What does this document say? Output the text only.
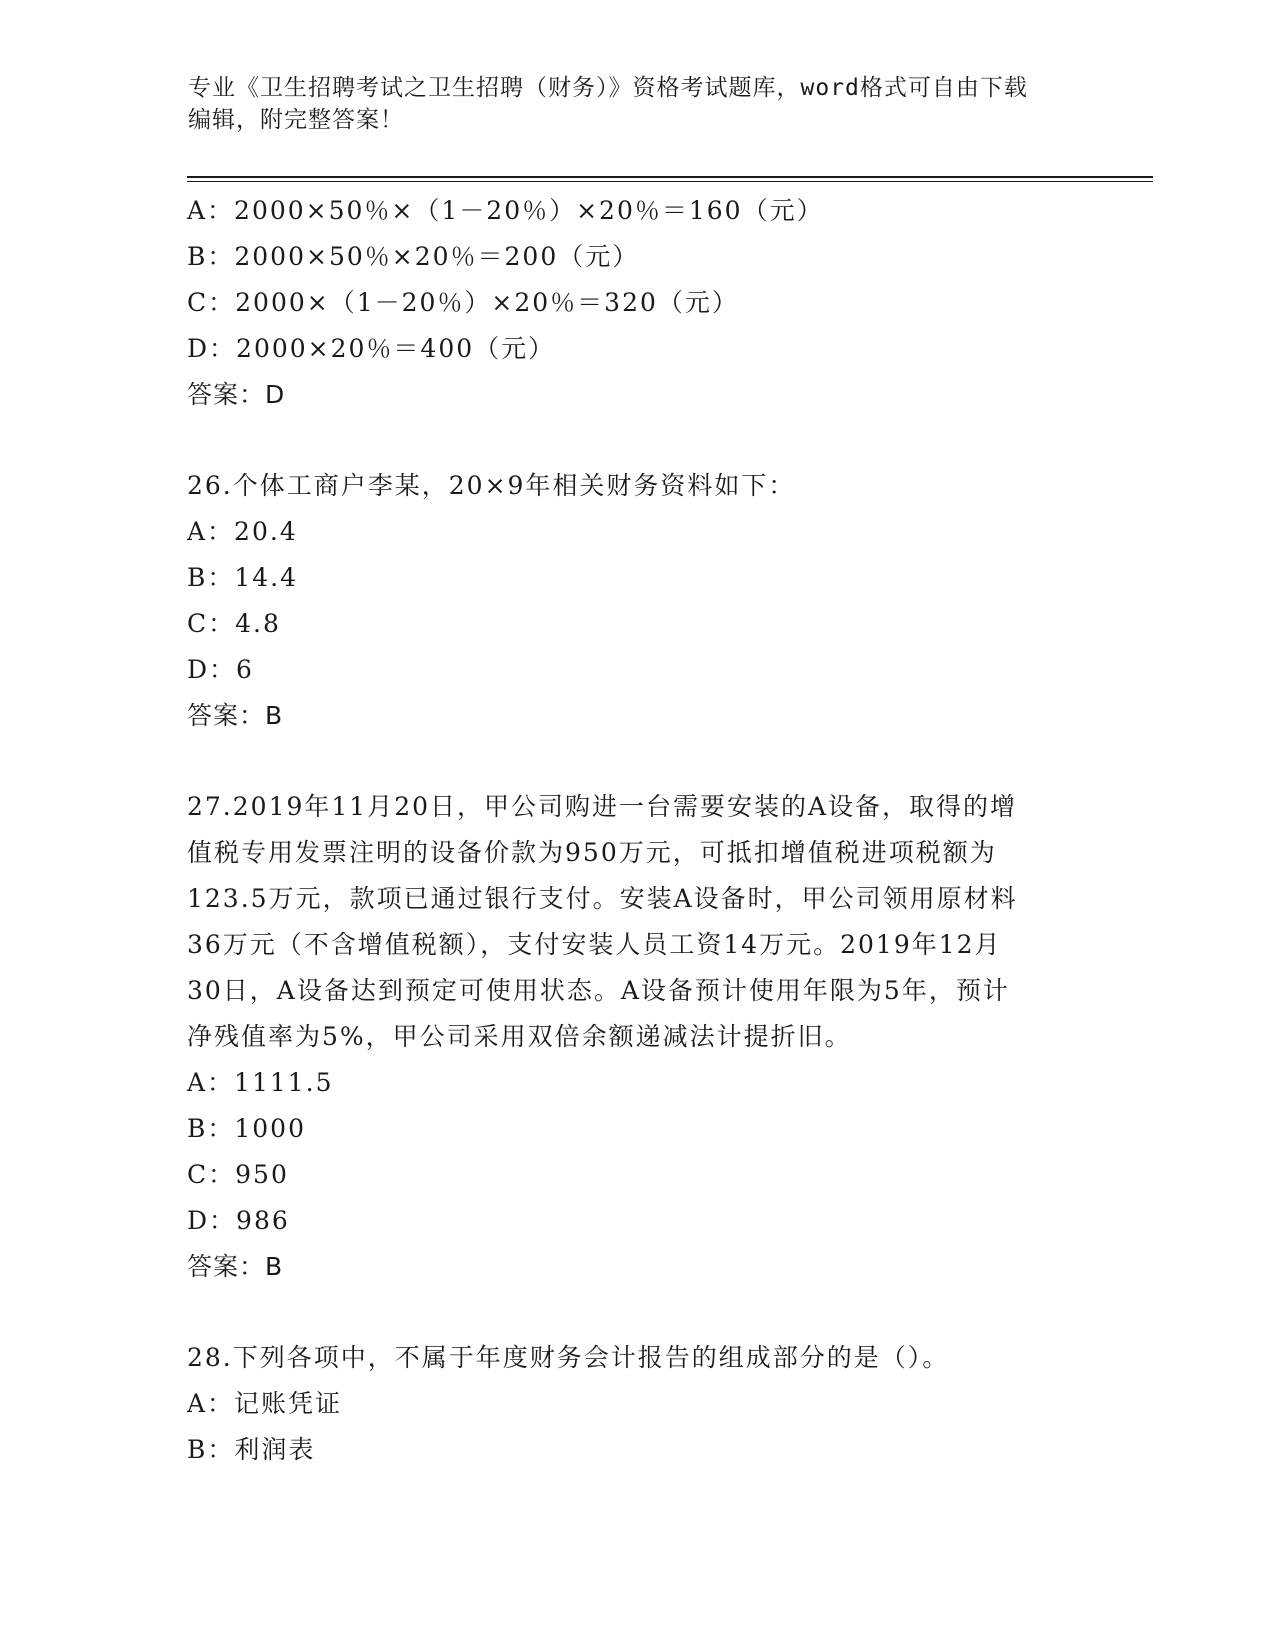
专业《卫生招聘考试之卫生招聘（财务）》资格考试题库，word格式可自由下载
编辑，附完整答案！
A：2000×50％×（1－20％）×20％＝160（元）
B：2000×50％×20％＝200（元）
C：2000×（1－20％）×20％＝320（元）
D：2000×20％＝400（元）
答案：D
26.个体工商户李某，20×9年相关财务资料如下：
A：20.4
B：14.4
C：4.8
D：6
答案：B
27.2019年11月20日，甲公司购进一台需要安装的A设备，取得的增
值税专用发票注明的设备价款为950万元，可抵扣增值税进项税额为
123.5万元，款项已通过银行支付。安装A设备时，甲公司领用原材料
36万元（不含增值税额），支付安装人员工资14万元。2019年12月
30日，A设备达到预定可使用状态。A设备预计使用年限为5年，预计
净残值率为5%，甲公司采用双倍余额递减法计提折旧。
A：1111.5
B：1000
C：950
D：986
答案：B
28.下列各项中，不属于年度财务会计报告的组成部分的是（）。
A：记账凭证
B：利润表
